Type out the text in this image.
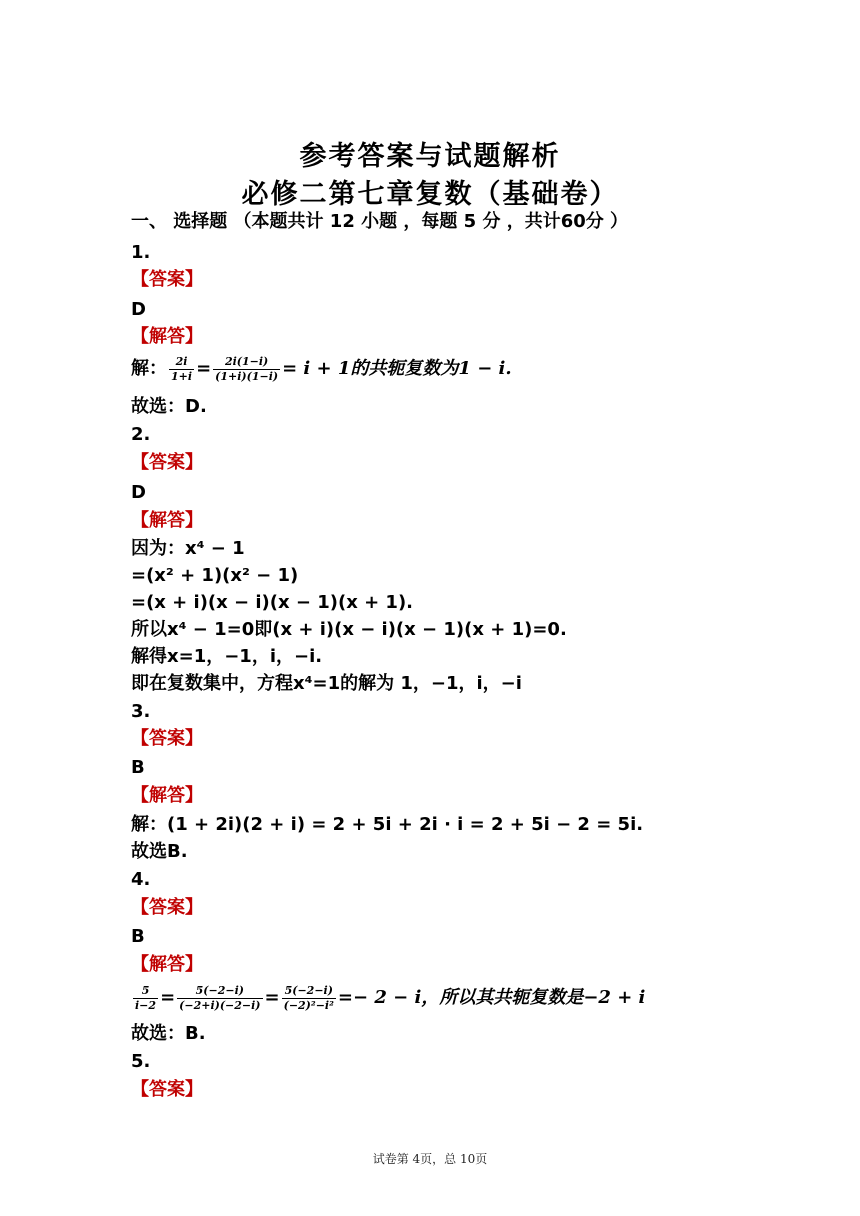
参考答案与试题解析
必修二第七章复数（基础卷）
一、 选择题 （本题共计 12 小题 ，每题 5 分 ，共计60分 ）
1.
【答案】
D
【解答】
解： $\frac{2i}{1+i} = \frac{2i(1-i)}{(1+i)(1-i)} = i + 1$的共轭复数为1 − i.
故选：D.
2.
【答案】
D
【解答】
因为：x⁴ − 1
=(x² + 1)(x² − 1)
=(x + i)(x − i)(x − 1)(x + 1).
所以x⁴ − 1=0即(x + i)(x − i)(x − 1)(x + 1)=0.
解得x=1，−1，i，−i.
即在复数集中，方程x⁴=1的解为 1，−1，i，−i
3.
【答案】
B
【解答】
解：(1 + 2i)(2 + i) = 2 + 5i + 2i · i = 2 + 5i − 2 = 5i.
故选B.
4.
【答案】
B
【解答】
$\frac{5}{i-2} = \frac{5(-2-i)}{(-2+i)(-2-i)} = \frac{5(-2-i)}{\text{(−2)²−i²}} =- 2 - i$，所以其共轭复数是−2 + i
故选：B.
5.
【答案】
试卷第 4页，总 10页
